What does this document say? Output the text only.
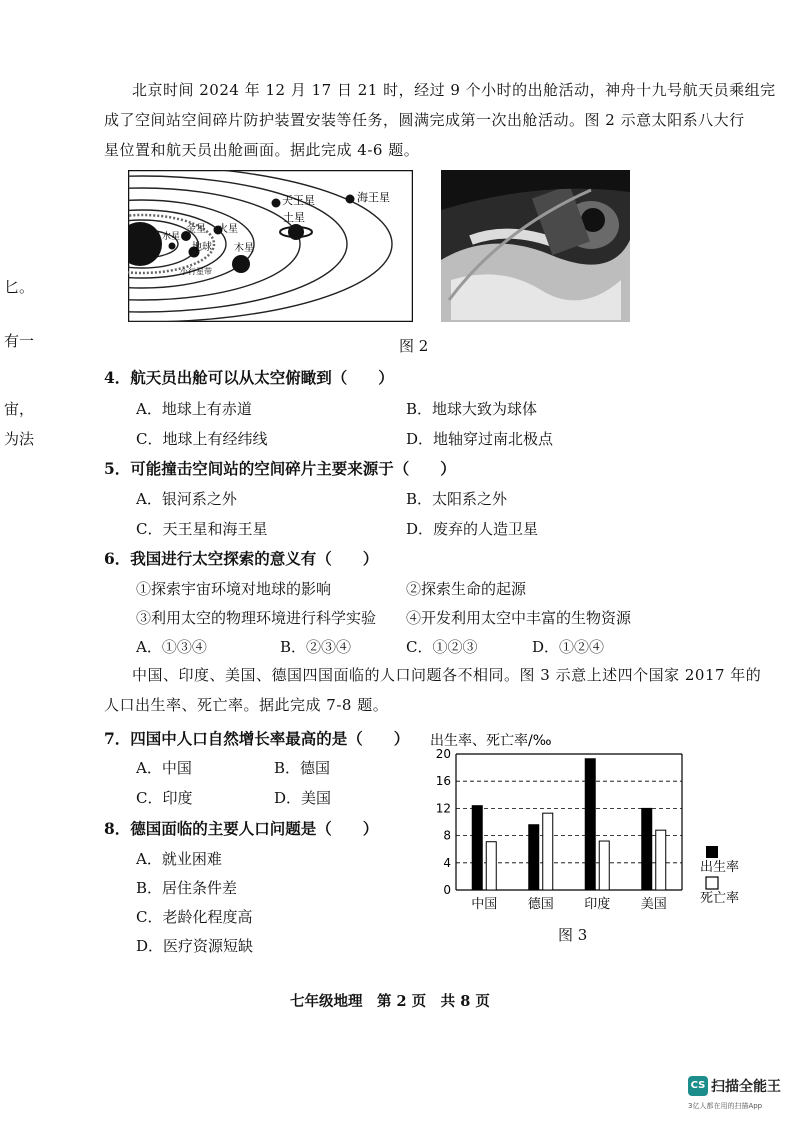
匕。
有一
宙，
为法
北京时间 2024 年 12 月 17 日 21 时，经过 9 个小时的出舱活动，神舟十九号航天员乘组完
成了空间站空间碎片防护装置安装等任务，圆满完成第一次出舱活动。图 2 示意太阳系八大行
星位置和航天员出舱画面。据此完成 4-6 题。
天王星	海王星
土星
木星
金星
水星
地球
火星
小行星带
图 2
4．航天员出舱可以从太空俯瞰到（　　）
A．地球上有赤道	B．地球大致为球体
C．地球上有经纬线	D．地轴穿过南北极点
5．可能撞击空间站的空间碎片主要来源于（　　）
A．银河系之外	B．太阳系之外
C．天王星和海王星	D．废弃的人造卫星
6．我国进行太空探索的意义有（　　）
①探索宇宙环境对地球的影响	②探索生命的起源
③利用太空的物理环境进行科学实验 ④开发利用太空中丰富的生物资源
A．①③④	B．②③④	C．①②③	D．①②④
中国、印度、美国、德国四国面临的人口问题各不相同。图 3 示意上述四个国家 2017 年的
人口出生率、死亡率。据此完成 7-8 题。
7．四国中人口自然增长率最高的是（　　）
A．中国	B．德国
C．印度	D．美国
8．德国面临的主要人口问题是（　　）
A．就业困难
B．居住条件差
C．老龄化程度高
D．医疗资源短缺
出生率、死亡率/‰
0
4
8
12
16
20
中国 德国 印度 美国
出生率
死亡率
图 3
七年级地理　第 2 页　共 8 页
CS 扫描全能王
3亿人都在用的扫描App
